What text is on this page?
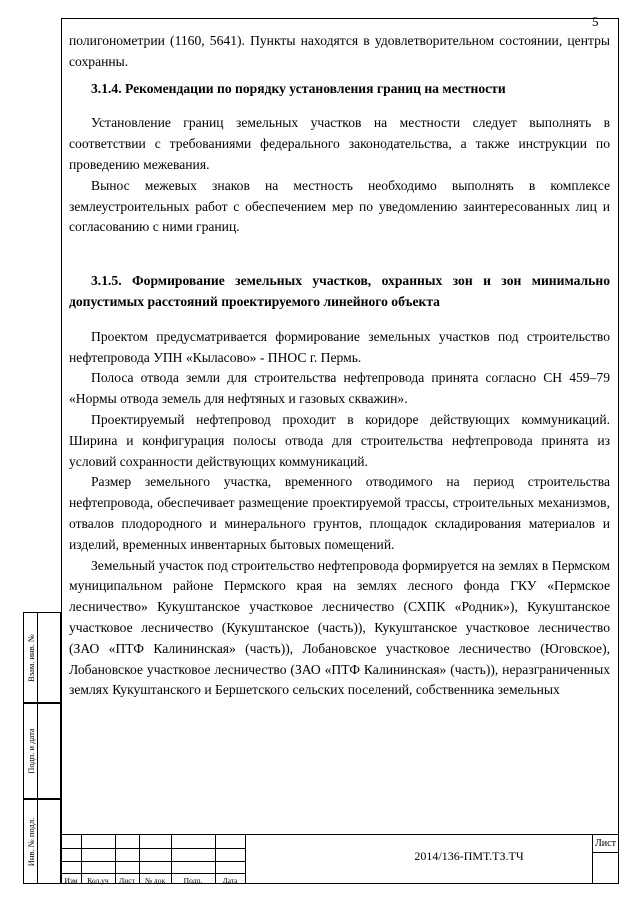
5

полигонометрии (1160, 5641). Пункты находятся в удовлетворительном состоянии, центры сохранны.

3.1.4. Рекомендации по порядку установления границ на местности

Установление границ земельных участков на местности следует выполнять в соответствии с требованиями федерального законодательства, а также инструкции по проведению межевания.

Вынос межевых знаков на местность необходимо выполнять в комплексе землеустроительных работ с обеспечением мер по уведомлению заинтересованных лиц и согласованию с ними границ.

3.1.5. Формирование земельных участков, охранных зон и зон минимально допустимых расстояний проектируемого линейного объекта

Проектом предусматривается формирование земельных участков под строительство нефтепровода УПН «Кыласово» - ПНОС г. Пермь.

Полоса отвода земли для строительства нефтепровода принята согласно СН 459–79 «Нормы отвода земель для нефтяных и газовых скважин».

Проектируемый нефтепровод проходит в коридоре действующих коммуникаций. Ширина и конфигурация полосы отвода для строительства нефтепровода принята из условий сохранности действующих коммуникаций.

Размер земельного участка, временного отводимого на период строительства нефтепровода, обеспечивает размещение проектируемой трассы, строительных механизмов, отвалов плодородного и минерального грунтов, площадок складирования материалов и изделий, временных инвентарных бытовых помещений.

Земельный участок под строительство нефтепровода формируется на землях в Пермском муниципальном районе Пермского края на землях лесного фонда ГКУ «Пермское лесничество» Кукуштанское участковое лесничество (СХПК «Родник»), Кукуштанское участковое лесничество (Кукуштанское (часть)), Кукуштанское участковое лесничество (ЗАО «ПТФ Калининская» (часть)), Лобановское участковое лесничество (Юговское), Лобановское участковое лесничество (ЗАО «ПТФ Калининская» (часть)), неразграниченных землях Кукуштанского и Бершетского сельских поселений, собственника земельных

Взам. инв. №
Подп. и дата
Инв. № подл.
Изм	Кол.уч	Лист	№ док	Подп.	Дата
2014/136-ПМТ.ТЗ.ТЧ
Лист
